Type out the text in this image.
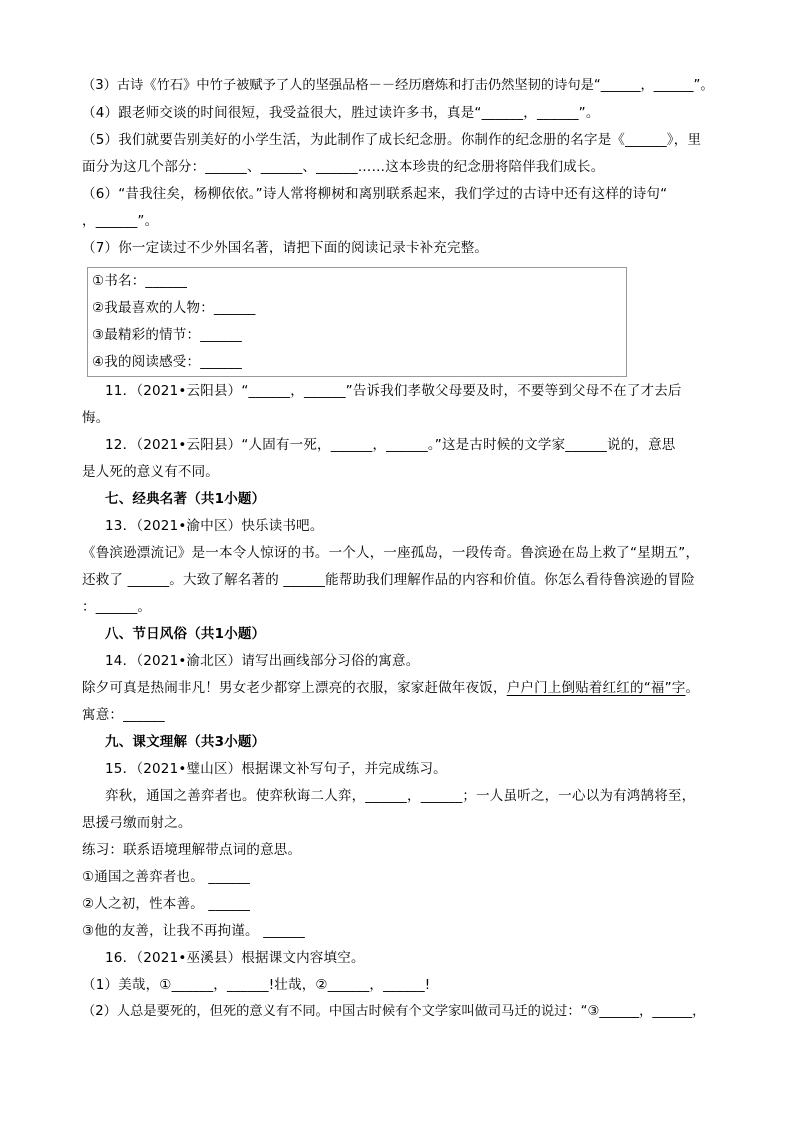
（3）古诗《竹石》中竹子被赋予了人的坚强品格－－经历磨炼和打击仍然坚韧的诗句是“______，______”。
（4）跟老师交谈的时间很短，我受益很大，胜过读许多书，真是“______，______”。
（5）我们就要告别美好的小学生活，为此制作了成长纪念册。你制作的纪念册的名字是《______》，里
面分为这几个部分：______、______、______……这本珍贵的纪念册将陪伴我们成长。
（6）“昔我往矣，杨柳依依。”诗人常将柳树和离别联系起来，我们学过的古诗中还有这样的诗句“
，______”。
（7）你一定读过不少外国名著，请把下面的阅读记录卡补充完整。
①书名：______
②我最喜欢的人物：______
③最精彩的情节：______
④我的阅读感受：______
11．（2021•云阳县）“______，______”告诉我们孝敬父母要及时，不要等到父母不在了才去后
悔。
12．（2021•云阳县）“人固有一死，______，______。”这是古时候的文学家______说的，意思
是人死的意义有不同。
七、经典名著（共1小题）
13．（2021•渝中区）快乐读书吧。
《鲁滨逊漂流记》是一本令人惊讶的书。一个人，一座孤岛，一段传奇。鲁滨逊在岛上救了“星期五”，
还救了 ______。大致了解名著的 ______能帮助我们理解作品的内容和价值。你怎么看待鲁滨逊的冒险
：______。
八、节日风俗（共1小题）
14．（2021•渝北区）请写出画线部分习俗的寓意。
除夕可真是热闹非凡！男女老少都穿上漂亮的衣服，家家赶做年夜饭，户户门上倒贴着红红的“福”字。
寓意：______
九、课文理解（共3小题）
15．（2021•璧山区）根据课文补写句子，并完成练习。
弈秋，通国之善弈者也。使弈秋诲二人弈，______，______；一人虽听之，一心以为有鸿鹄将至，
思援弓缴而射之。
练习：联系语境理解带点词的意思。
①通国之善弈者也。 ______
②人之初，性本善。 ______
③他的友善，让我不再拘谨。 ______
16．（2021•巫溪县）根据课文内容填空。
（1）美哉，①______，______!壮哉，②______，______!
（2）人总是要死的，但死的意义有不同。中国古时候有个文学家叫做司马迁的说过：“③______，______，
